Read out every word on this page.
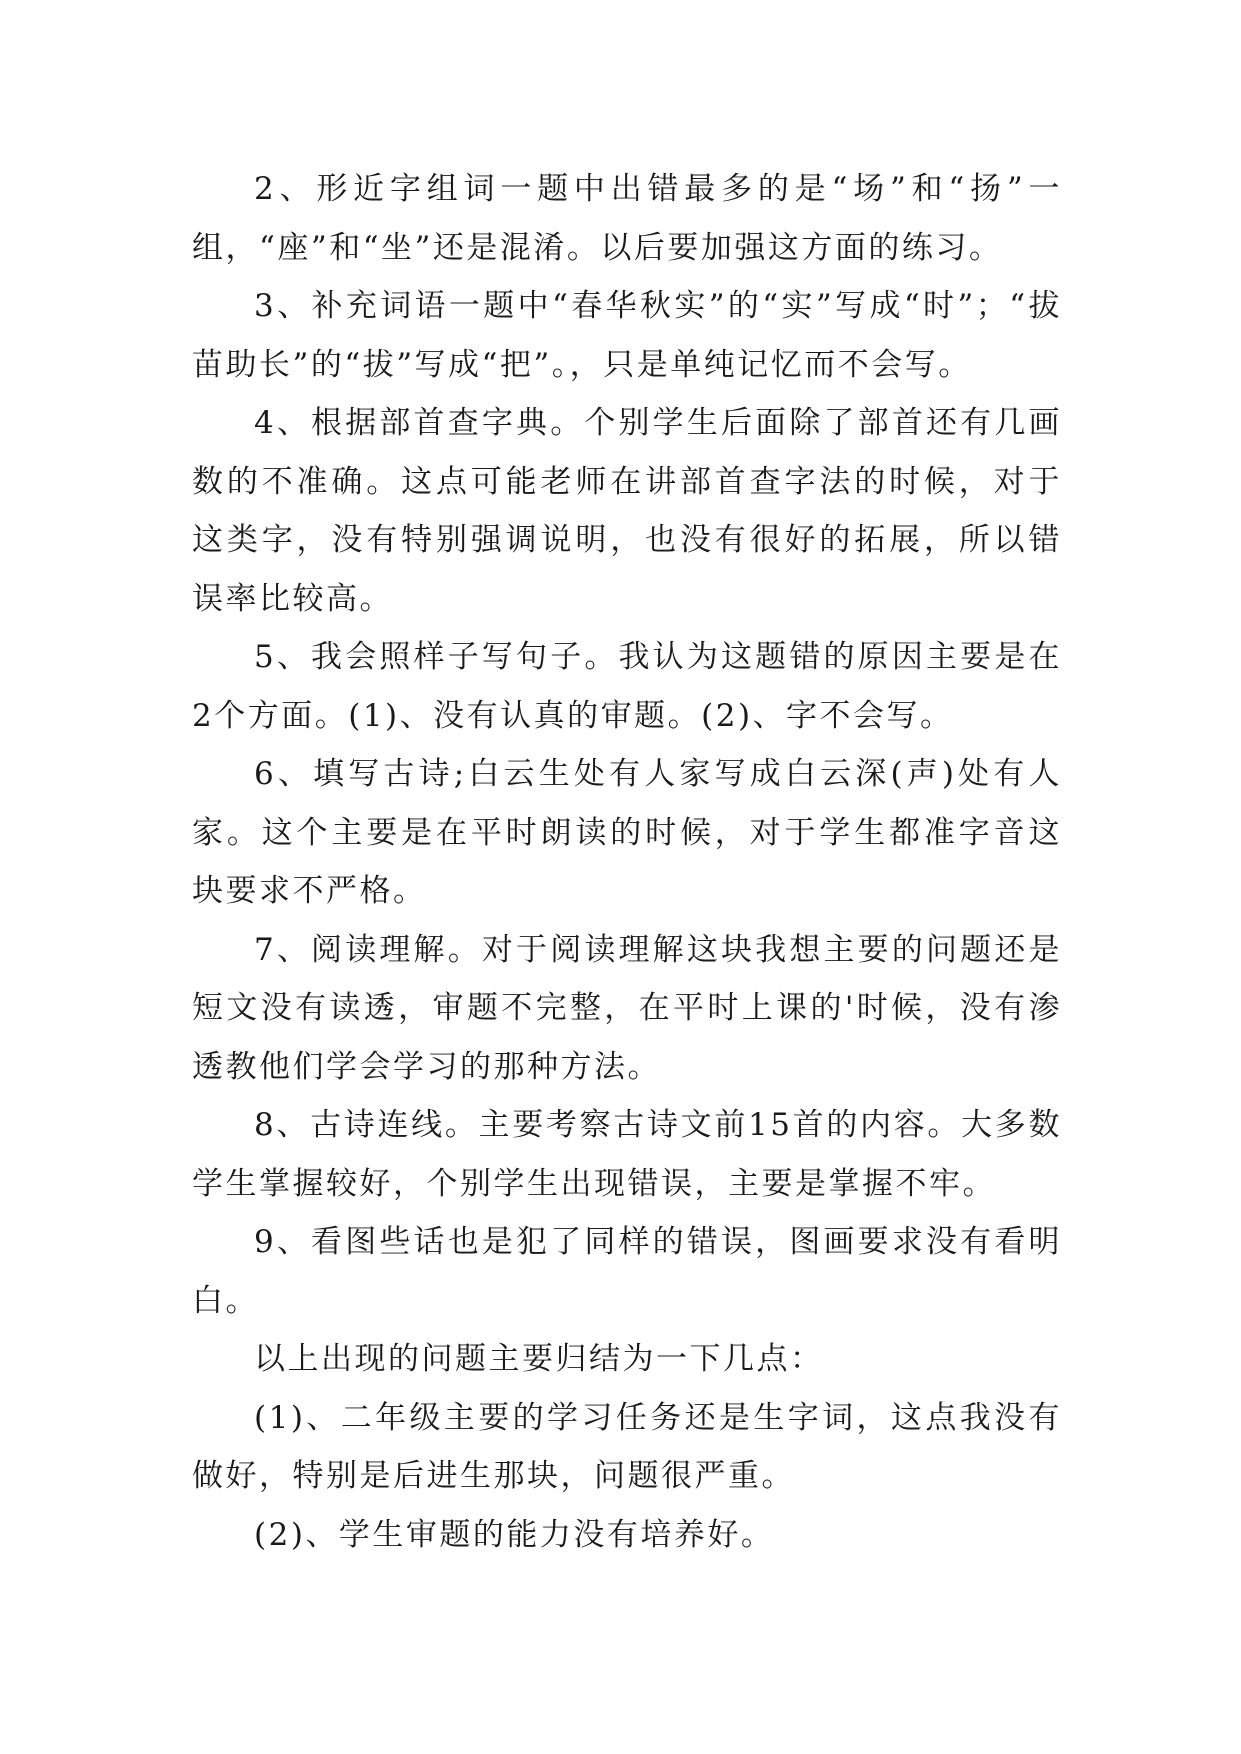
2、形近字组词一题中出错最多的是“场”和“扬”一组，“座”和“坐”还是混淆。以后要加强这方面的练习。

3、补充词语一题中“春华秋实”的“实”写成“时”；“拔苗助长”的“拔”写成“把”。，只是单纯记忆而不会写。

4、根据部首查字典。个别学生后面除了部首还有几画数的不准确。这点可能老师在讲部首查字法的时候，对于这类字，没有特别强调说明，也没有很好的拓展，所以错误率比较高。

5、我会照样子写句子。我认为这题错的原因主要是在2个方面。(1)、没有认真的审题。(2)、字不会写。

6、填写古诗;白云生处有人家写成白云深(声)处有人家。这个主要是在平时朗读的时候，对于学生都准字音这块要求不严格。

7、阅读理解。对于阅读理解这块我想主要的问题还是短文没有读透，审题不完整，在平时上课的'时候，没有渗透教他们学会学习的那种方法。

8、古诗连线。主要考察古诗文前15首的内容。大多数学生掌握较好，个别学生出现错误，主要是掌握不牢。

9、看图些话也是犯了同样的错误，图画要求没有看明白。

以上出现的问题主要归结为一下几点：

(1)、二年级主要的学习任务还是生字词，这点我没有做好，特别是后进生那块，问题很严重。

(2)、学生审题的能力没有培养好。
